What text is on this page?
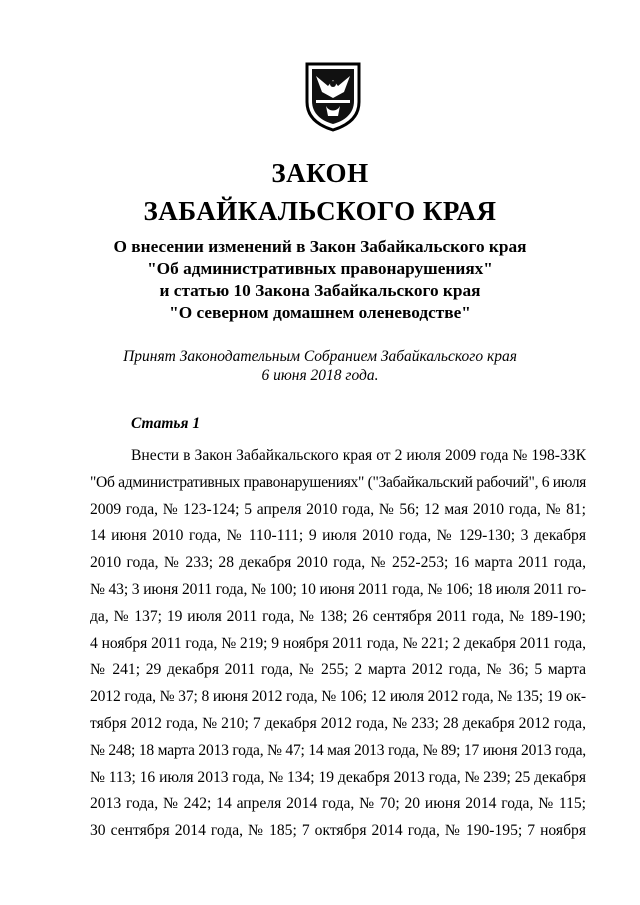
ЗАКОН
ЗАБАЙКАЛЬСКОГО КРАЯ
О внесении изменений в Закон Забайкальского края
"Об административных правонарушениях"
и статью 10 Закона Забайкальского края
"О северном домашнем оленеводстве"
Принят Законодательным Собранием Забайкальского края
6 июня 2018 года.
Статья 1
Внести в Закон Забайкальского края от 2 июля 2009 года № 198-ЗЗК
"Об административных правонарушениях" ("Забайкальский рабочий", 6 июля
2009 года, № 123-124; 5 апреля 2010 года, № 56; 12 мая 2010 года, № 81;
14 июня 2010 года, № 110-111; 9 июля 2010 года, № 129-130; 3 декабря
2010 года, № 233; 28 декабря 2010 года, № 252-253; 16 марта 2011 года,
№ 43; 3 июня 2011 года, № 100; 10 июня 2011 года, № 106; 18 июля 2011 го-
да, № 137; 19 июля 2011 года, № 138; 26 сентября 2011 года, № 189-190;
4 ноября 2011 года, № 219; 9 ноября 2011 года, № 221; 2 декабря 2011 года,
№ 241; 29 декабря 2011 года, № 255; 2 марта 2012 года, № 36; 5 марта
2012 года, № 37; 8 июня 2012 года, № 106; 12 июля 2012 года, № 135; 19 ок-
тября 2012 года, № 210; 7 декабря 2012 года, № 233; 28 декабря 2012 года,
№ 248; 18 марта 2013 года, № 47; 14 мая 2013 года, № 89; 17 июня 2013 года,
№ 113; 16 июля 2013 года, № 134; 19 декабря 2013 года, № 239; 25 декабря
2013 года, № 242; 14 апреля 2014 года, № 70; 20 июня 2014 года, № 115;
30 сентября 2014 года, № 185; 7 октября 2014 года, № 190-195; 7 ноября
